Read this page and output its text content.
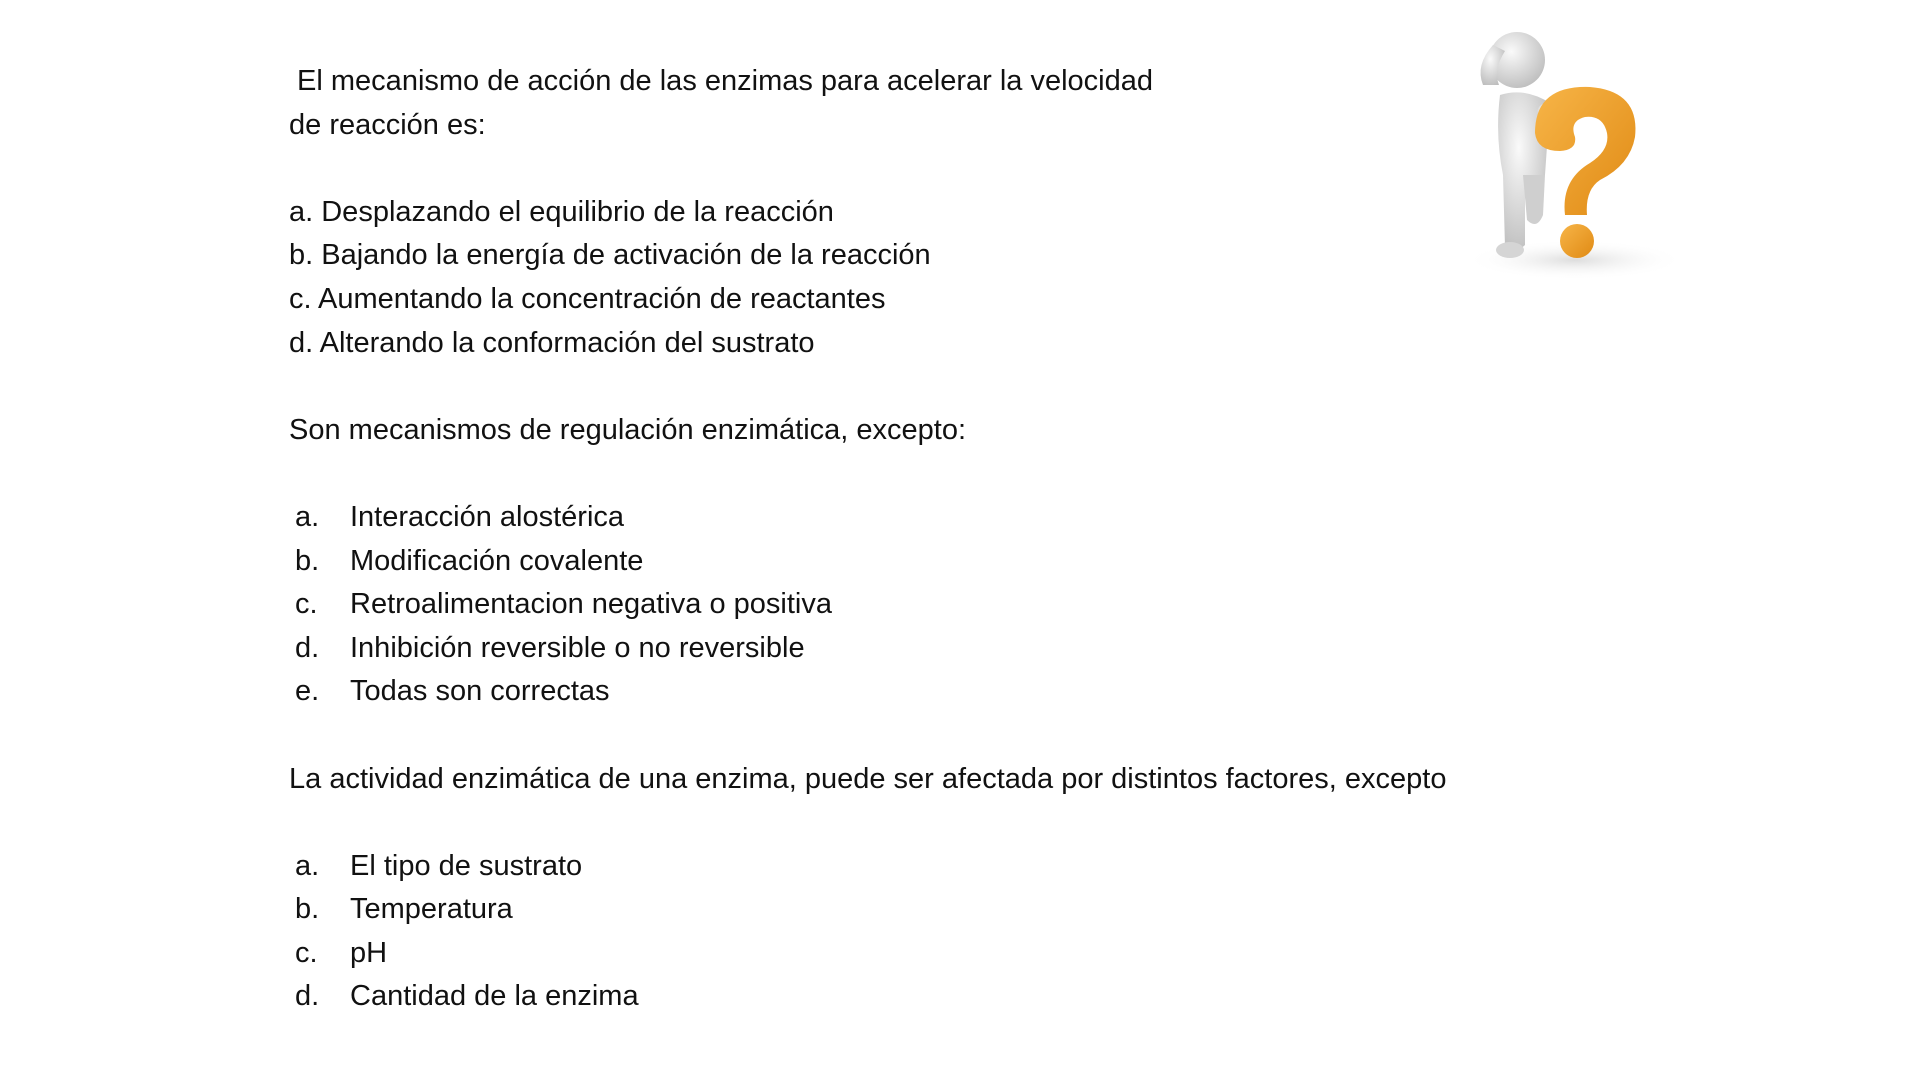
El mecanismo de acción de las enzimas para acelerar la velocidad
de reacción es:
a. Desplazando el equilibrio de la reacción
b. Bajando la energía de activación de la reacción
c. Aumentando la concentración de reactantes
d. Alterando la conformación del sustrato
Son mecanismos de regulación enzimática, excepto:
a.	Interacción alostérica
b.	Modificación covalente
c.	Retroalimentacion negativa o positiva
d.	Inhibición reversible o no reversible
e.	Todas son correctas
La actividad enzimática de una enzima, puede ser afectada por distintos factores, excepto
a.	El tipo de sustrato
b.	Temperatura
c.	pH
d.	Cantidad de la enzima
